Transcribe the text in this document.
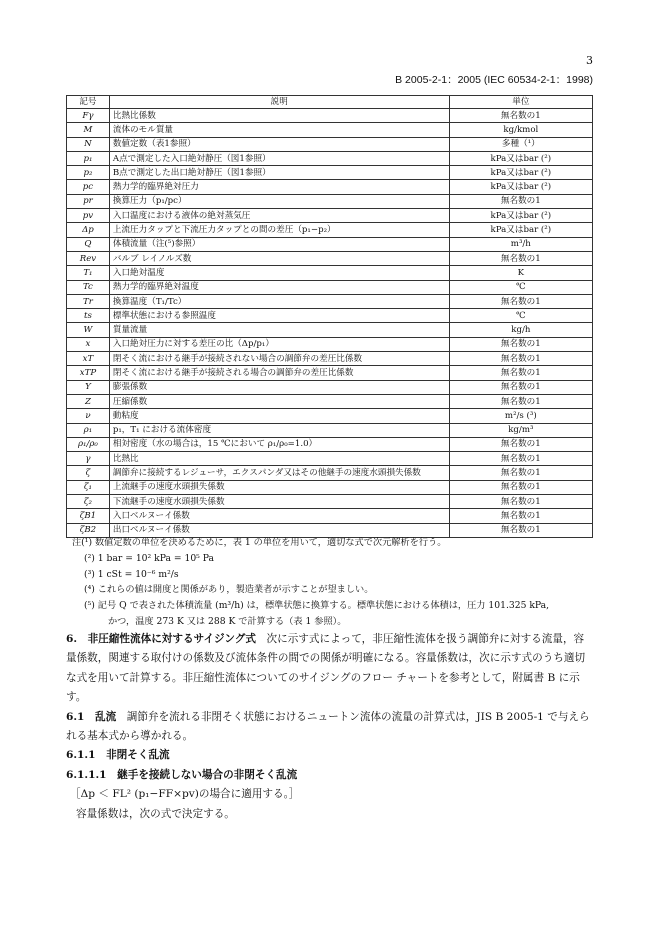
3
B 2005-2-1：2005 (IEC 60534-2-1：1998)
記号	説明	単位
Fγ	比熱比係数	無名数の1
M	流体のモル質量	kg/kmol
N	数値定数（表1参照）	多種（¹）
p₁	A点で測定した入口絶対静圧（図1参照）	kPa又はbar (²)
p₂	B点で測定した出口絶対静圧（図1参照）	kPa又はbar (²)
pc	熱力学的臨界絶対圧力	kPa又はbar (²)
pr	換算圧力（p₁/pc）	無名数の1
pv	入口温度における液体の絶対蒸気圧	kPa又はbar (²)
Δp	上流圧力タップと下流圧力タップとの間の差圧（p₁−p₂）	kPa又はbar (²)
Q	体積流量（注(⁵)参照）	m³/h
Rev	バルブ レイノルズ数	無名数の1
T₁	入口絶対温度	K
Tc	熱力学的臨界絶対温度	℃
Tr	換算温度（T₁/Tc）	無名数の1
ts	標準状態における参照温度	℃
W	質量流量	kg/h
x	入口絶対圧力に対する差圧の比（Δp/p₁）	無名数の1
xT	閉そく流における継手が接続されない場合の調節弁の差圧比係数	無名数の1
xTP	閉そく流における継手が接続される場合の調節弁の差圧比係数	無名数の1
Y	膨張係数	無名数の1
Z	圧縮係数	無名数の1
ν	動粘度	m²/s (³)
ρ₁	p₁，T₁ における流体密度	kg/m³
ρ₁/ρ₀	相対密度（水の場合は，15 ℃において ρ₁/ρ₀=1.0）	無名数の1
γ	比熱比	無名数の1
ζ	調節弁に接続するレジューサ，エクスパンダ又はその他継手の速度水頭損失係数	無名数の1
ζ₁	上流継手の速度水頭損失係数	無名数の1
ζ₂	下流継手の速度水頭損失係数	無名数の1
ζB1	入口ベルヌーイ係数	無名数の1
ζB2	出口ベルヌーイ係数	無名数の1
注(¹) 数値定数の単位を決めるために，表 1 の単位を用いて，適切な式で次元解析を行う。
(²) 1 bar = 10² kPa = 10⁵ Pa
(³) 1 cSt = 10⁻⁶ m²/s
(⁴) これらの値は開度と関係があり，製造業者が示すことが望ましい。
(⁵) 記号 Q で表された体積流量 (m³/h) は，標準状態に換算する。標準状態における体積は，圧力 101.325 kPa,
かつ，温度 273 K 又は 288 K で計算する（表 1 参照）。

6.　非圧縮性流体に対するサイジング式　次に示す式によって，非圧縮性流体を扱う調節弁に対する流量，容量係数，関連する取付けの係数及び流体条件の間での関係が明確になる。容量係数は，次に示す式のうち適切な式を用いて計算する。非圧縮性流体についてのサイジングのフロー チャートを参考として，附属書 B に示す。

6.1　乱流　調節弁を流れる非閉そく状態におけるニュートン流体の流量の計算式は，JIS B 2005-1 で与えられる基本式から導かれる。

6.1.1　非閉そく乱流

6.1.1.1　継手を接続しない場合の非閉そく乱流

［Δp ＜ FL² (p₁−FF×pv)の場合に適用する。］

容量係数は，次の式で決定する。
